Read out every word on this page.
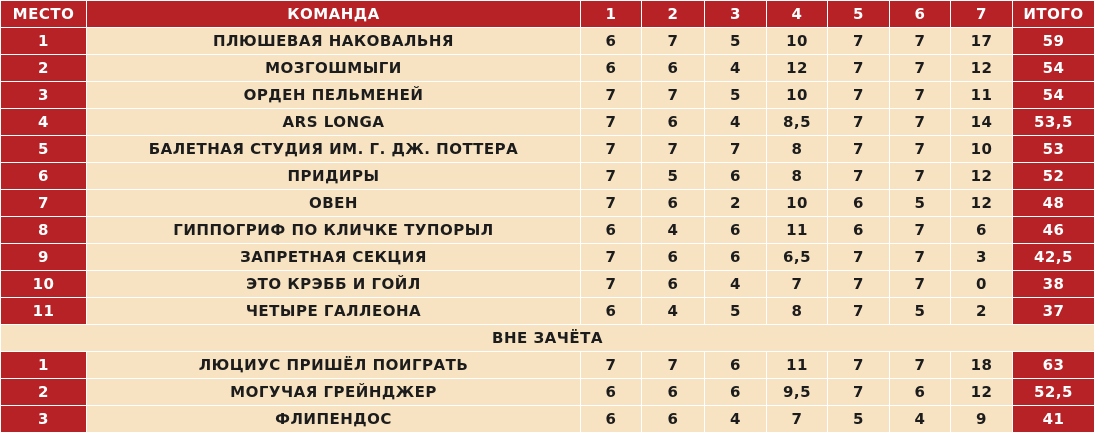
МЕСТО	КОМАНДА	1	2	3	4	5	6	7	ИТОГО
1	ПЛЮШЕВАЯ НАКОВАЛЬНЯ	6	7	5	10	7	7	17	59
2	МОЗГОШМЫГИ	6	6	4	12	7	7	12	54
3	ОРДЕН ПЕЛЬМЕНЕЙ	7	7	5	10	7	7	11	54
4	ARS LONGA	7	6	4	8,5	7	7	14	53,5
5	БАЛЕТНАЯ СТУДИЯ ИМ. Г. ДЖ. ПОТТЕРА	7	7	7	8	7	7	10	53
6	ПРИДИРЫ	7	5	6	8	7	7	12	52
7	ОВЕН	7	6	2	10	6	5	12	48
8	ГИППОГРИФ ПО КЛИЧКЕ ТУПОРЫЛ	6	4	6	11	6	7	6	46
9	ЗАПРЕТНАЯ СЕКЦИЯ	7	6	6	6,5	7	7	3	42,5
10	ЭТО КРЭББ И ГОЙЛ	7	6	4	7	7	7	0	38
11	ЧЕТЫРЕ ГАЛЛЕОНА	6	4	5	8	7	5	2	37
ВНЕ ЗАЧЁТА									
1	ЛЮЦИУС ПРИШЁЛ ПОИГРАТЬ	7	7	6	11	7	7	18	63
2	МОГУЧАЯ ГРЕЙНДЖЕР	6	6	6	9,5	7	6	12	52,5
3	ФЛИПЕНДОС	6	6	4	7	5	4	9	41
